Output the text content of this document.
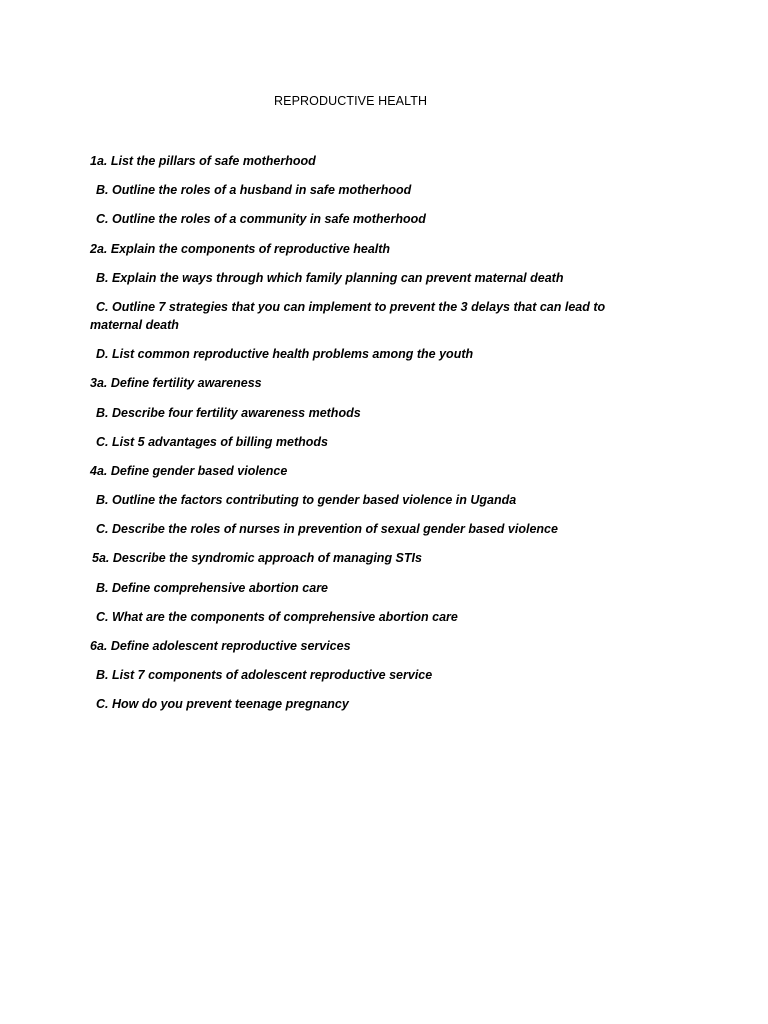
REPRODUCTIVE HEALTH
1a. List the pillars of safe motherhood
B. Outline the roles of a husband in safe motherhood
C. Outline the roles of a community in safe motherhood
2a. Explain the components of reproductive health
B. Explain the ways through which family planning can prevent maternal death
C. Outline 7 strategies that you can implement to prevent the 3 delays that can lead to maternal death
D. List common reproductive health problems among the youth
3a. Define fertility awareness
B. Describe four fertility awareness methods
C. List 5 advantages of billing methods
4a. Define gender based violence
B. Outline the factors contributing to gender based violence in Uganda
C. Describe the roles of nurses in prevention of sexual gender based violence
5a. Describe the syndromic approach of managing STIs
B. Define comprehensive abortion care
C. What are the components of comprehensive abortion care
6a. Define adolescent reproductive services
B. List 7 components of adolescent reproductive service
C. How do you prevent teenage pregnancy
